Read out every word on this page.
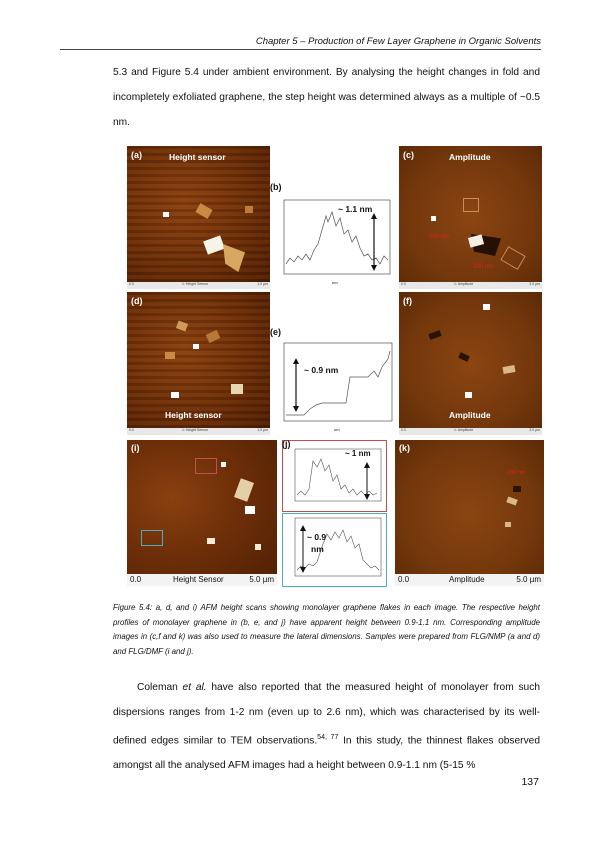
Chapter 5 – Production of Few Layer Graphene in Organic Solvents

5.3 and Figure 5.4 under ambient environment. By analysing the height changes in fold and incompletely exfoliated graphene, the step height was determined always as a multiple of ~0.5 nm.

(a)	Height sensor
0.0	1: Height Sensor	1.0 µm
(b)
~ 1.1 nm
nm
(c)	Amplitude
200 nm
200 nm
0.0	1: Amplitude	3.0 µm
(d)
Height sensor
0.0	1: Height Sensor	1.0 µm
(e)
~ 0.9 nm
nm
(f)
Amplitude
0.0	1: Amplitude	3.0 µm
(i)
0.0	Height Sensor	5.0 µm
(j)
~ 1 nm
~ 0.9
nm
(k)
200 nm
0.0	Amplitude	5.0 µm

Figure 5.4: a, d, and i) AFM height scans showing monolayer graphene flakes in each image. The respective height profiles of monolayer graphene in (b, e, and j) have apparent height between 0.9-1.1 nm. Corresponding amplitude images in (c,f and k) was also used to measure the lateral dimensions. Samples were prepared from FLG/NMP (a and d) and FLG/DMF (i and j).

Coleman et al. have also reported that the measured height of monolayer from such dispersions ranges from 1-2 nm (even up to 2.6 nm), which was characterised by its well-defined edges similar to TEM observations.$^{54, 77}$ In this study, the thinnest flakes observed amongst all the analysed AFM images had a height between 0.9-1.1 nm (5-15 %

137
